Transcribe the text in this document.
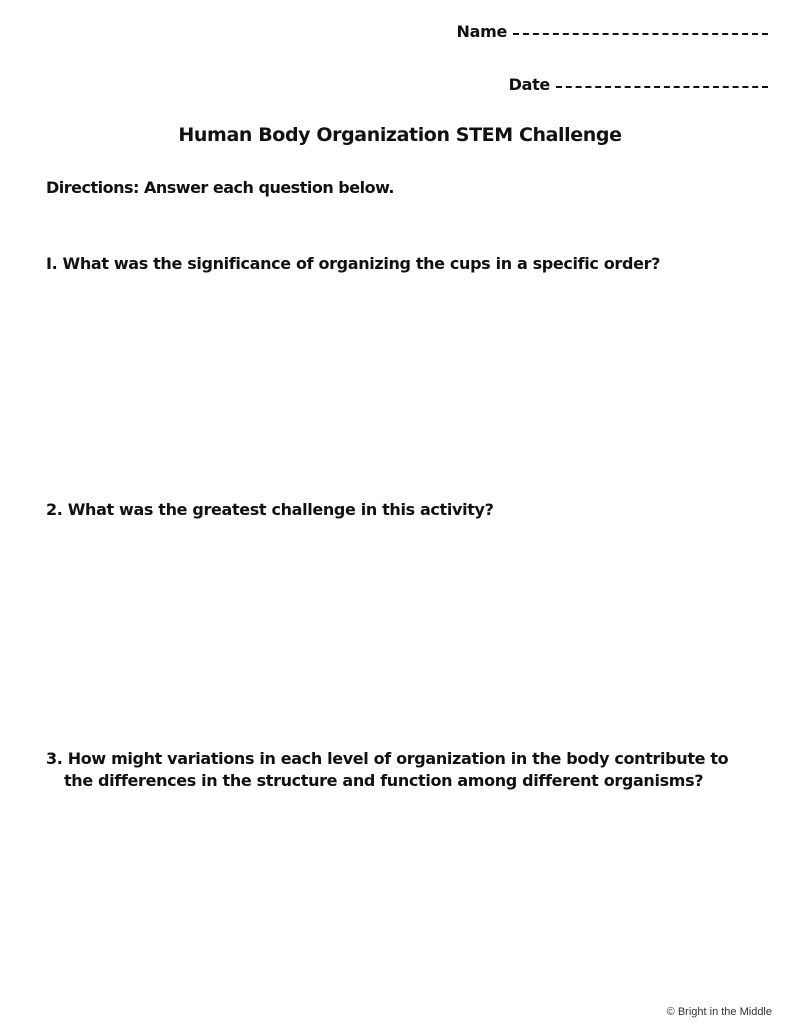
Name
Date
Human Body Organization STEM Challenge
Directions: Answer each question below.
I. What was the significance of organizing the cups in a specific order?
2. What was the greatest challenge in this activity?
3. How might variations in each level of organization in the body contribute to
the differences in the structure and function among different organisms?
© Bright in the Middle
